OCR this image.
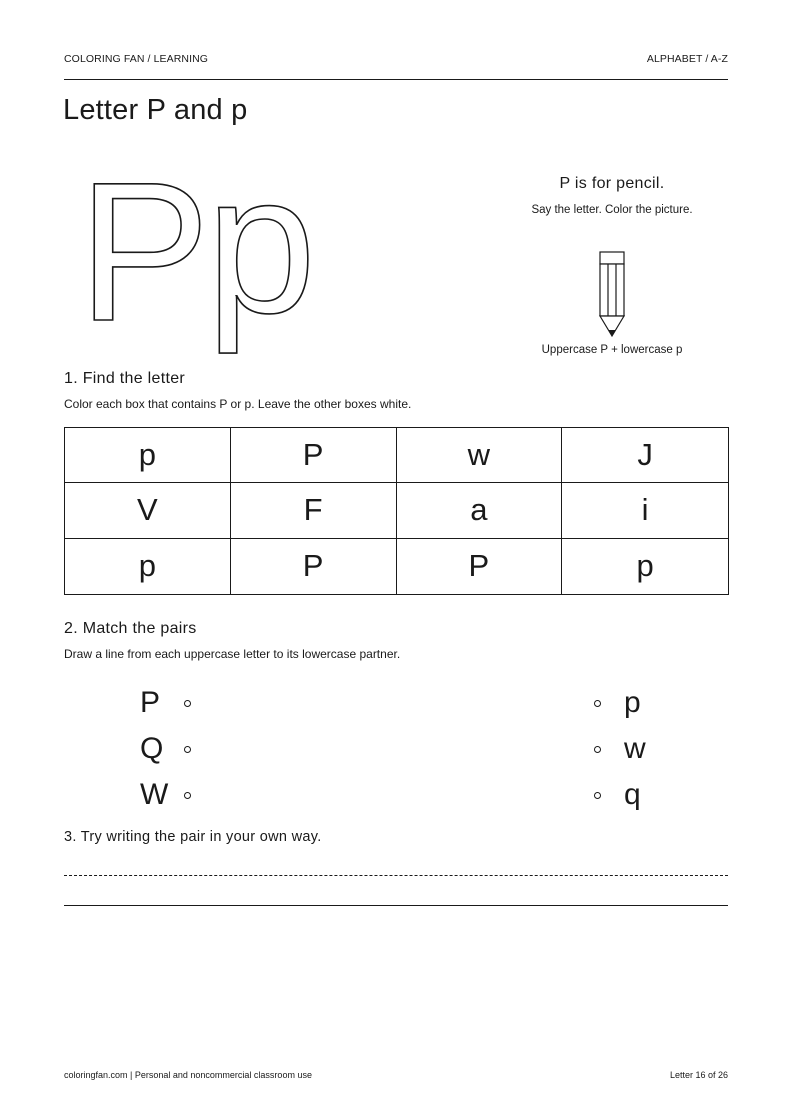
COLORING FAN / LEARNING	ALPHABET / A-Z
Letter P and p
P
p	P is for pencil.
Say the letter. Color the picture.
Uppercase P + lowercase p
1. Find the letter
Color each box that contains P or p. Leave the other boxes white.
p	P	w	J
V	F	a	i
p	P	P	p
2. Match the pairs
Draw a line from each uppercase letter to its lowercase partner.
P
Q
W
p
w
q
3. Try writing the pair in your own way.
coloringfan.com | Personal and noncommercial classroom use	Letter 16 of 26
